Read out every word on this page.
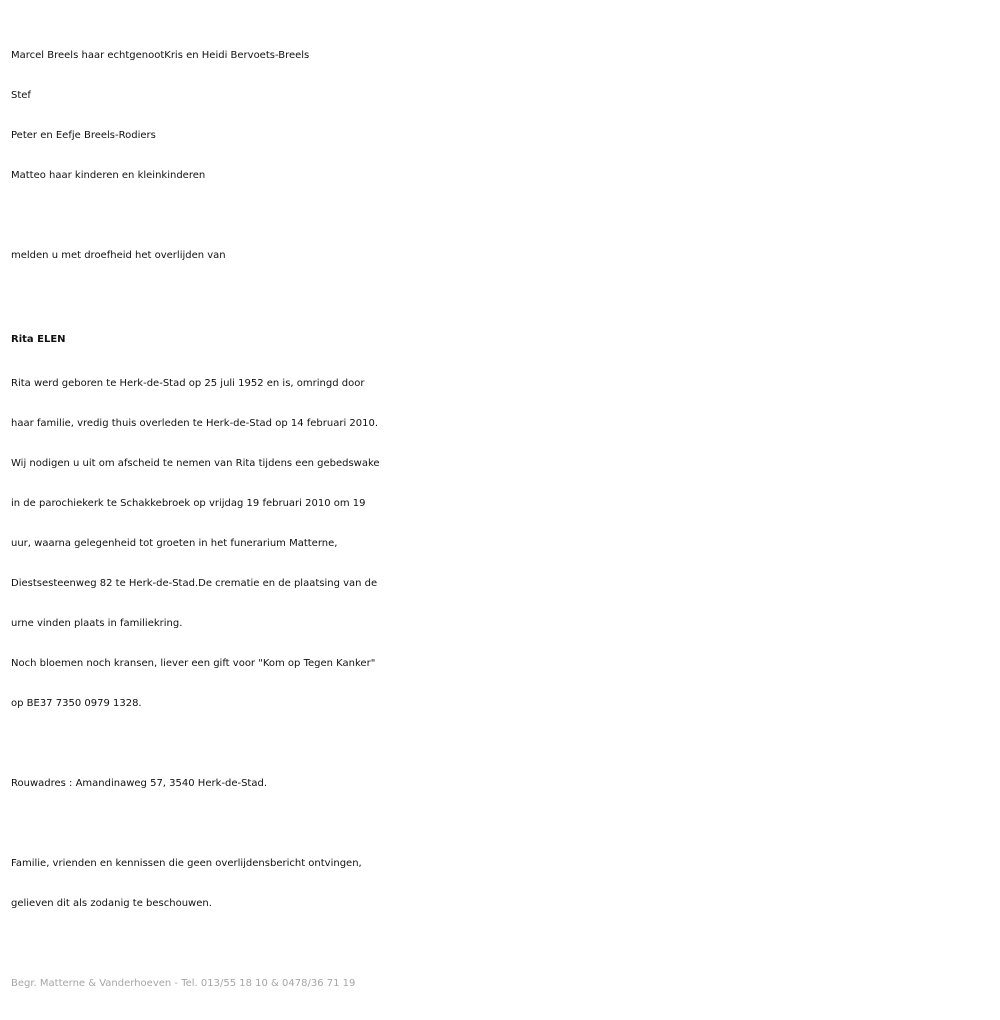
Marcel Breels haar echtgenootKris en Heidi Bervoets-Breels
Stef
Peter en Eefje Breels-Rodiers
Matteo haar kinderen en kleinkinderen
melden u met droefheid het overlijden van
Rita ELEN
Rita werd geboren te Herk-de-Stad op 25 juli 1952 en is, omringd door
haar familie, vredig thuis overleden te Herk-de-Stad op 14 februari 2010.
Wij nodigen u uit om afscheid te nemen van Rita tijdens een gebedswake
in de parochiekerk te Schakkebroek op vrijdag 19 februari 2010 om 19
uur, waarna gelegenheid tot groeten in het funerarium Matterne,
Diestsesteenweg 82 te Herk-de-Stad.De crematie en de plaatsing van de
urne vinden plaats in familiekring.
Noch bloemen noch kransen, liever een gift voor "Kom op Tegen Kanker"
op BE37 7350 0979 1328.
Rouwadres : Amandinaweg 57, 3540 Herk-de-Stad.
Familie, vrienden en kennissen die geen overlijdensbericht ontvingen,
gelieven dit als zodanig te beschouwen.
Begr. Matterne & Vanderhoeven - Tel. 013/55 18 10 & 0478/36 71 19
